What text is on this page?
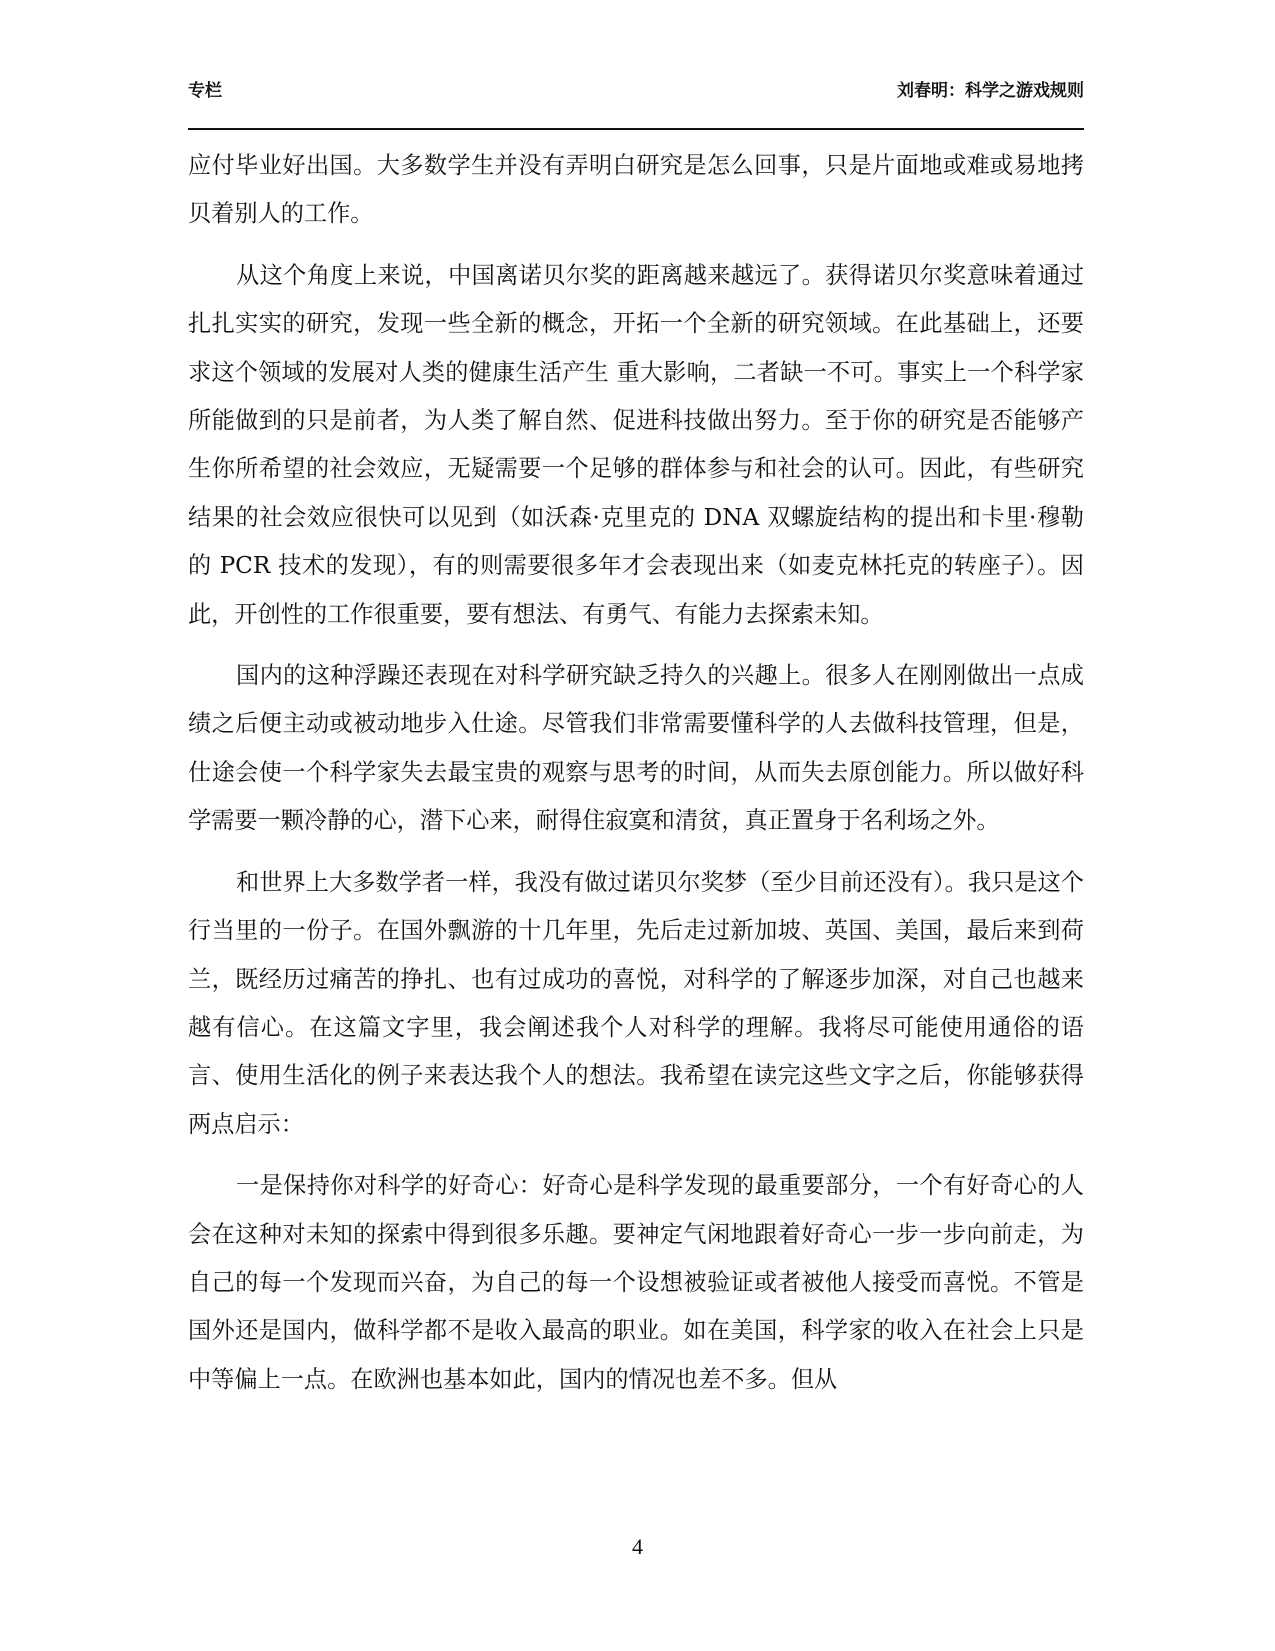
专栏	刘春明：科学之游戏规则

应付毕业好出国。大多数学生并没有弄明白研究是怎么回事，只是片面地或难或易地拷贝着别人的工作。

从这个角度上来说，中国离诺贝尔奖的距离越来越远了。获得诺贝尔奖意味着通过扎扎实实的研究，发现一些全新的概念，开拓一个全新的研究领域。在此基础上，还要求这个领域的发展对人类的健康生活产生 重大影响，二者缺一不可。事实上一个科学家所能做到的只是前者，为人类了解自然、促进科技做出努力。至于你的研究是否能够产生你所希望的社会效应，无疑需要一个足够的群体参与和社会的认可。因此，有些研究结果的社会效应很快可以见到（如沃森·克里克的 DNA 双螺旋结构的提出和卡里·穆勒的 PCR 技术的发现），有的则需要很多年才会表现出来（如麦克林托克的转座子）。因此，开创性的工作很重要，要有想法、有勇气、有能力去探索未知。

国内的这种浮躁还表现在对科学研究缺乏持久的兴趣上。很多人在刚刚做出一点成绩之后便主动或被动地步入仕途。尽管我们非常需要懂科学的人去做科技管理，但是，仕途会使一个科学家失去最宝贵的观察与思考的时间，从而失去原创能力。所以做好科学需要一颗冷静的心，潜下心来，耐得住寂寞和清贫，真正置身于名利场之外。

和世界上大多数学者一样，我没有做过诺贝尔奖梦（至少目前还没有）。我只是这个行当里的一份子。在国外飘游的十几年里，先后走过新加坡、英国、美国，最后来到荷兰，既经历过痛苦的挣扎、也有过成功的喜悦，对科学的了解逐步加深，对自己也越来越有信心。在这篇文字里，我会阐述我个人对科学的理解。我将尽可能使用通俗的语言、使用生活化的例子来表达我个人的想法。我希望在读完这些文字之后，你能够获得两点启示：

一是保持你对科学的好奇心：好奇心是科学发现的最重要部分，一个有好奇心的人会在这种对未知的探索中得到很多乐趣。要神定气闲地跟着好奇心一步一步向前走，为自己的每一个发现而兴奋，为自己的每一个设想被验证或者被他人接受而喜悦。不管是国外还是国内，做科学都不是收入最高的职业。如在美国，科学家的收入在社会上只是中等偏上一点。在欧洲也基本如此，国内的情况也差不多。但从

4
